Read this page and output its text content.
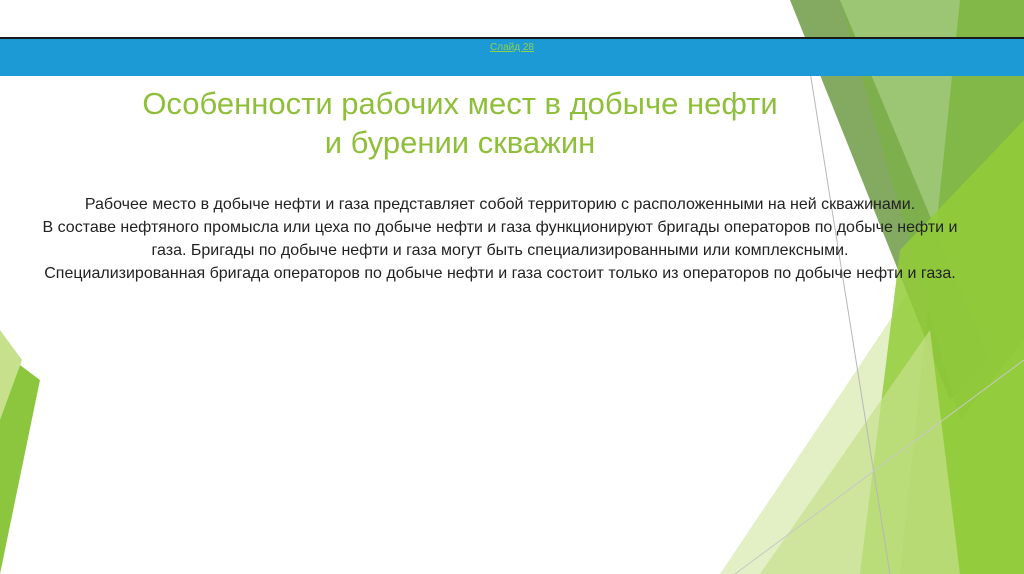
Слайд 28
Особенности рабочих мест в добыче нефти
и бурении скважин

Рабочее место в добыче нефти и газа представляет собой территорию с расположенными на ней скважинами.

В составе нефтяного промысла или цеха по добыче нефти и газа функционируют бригады операторов по добыче нефти и газа. Бригады по добыче нефти и газа могут быть специализированными или комплексными.

Специализированная бригада операторов по добыче нефти и газа состоит только из операторов по добыче нефти и газа.
